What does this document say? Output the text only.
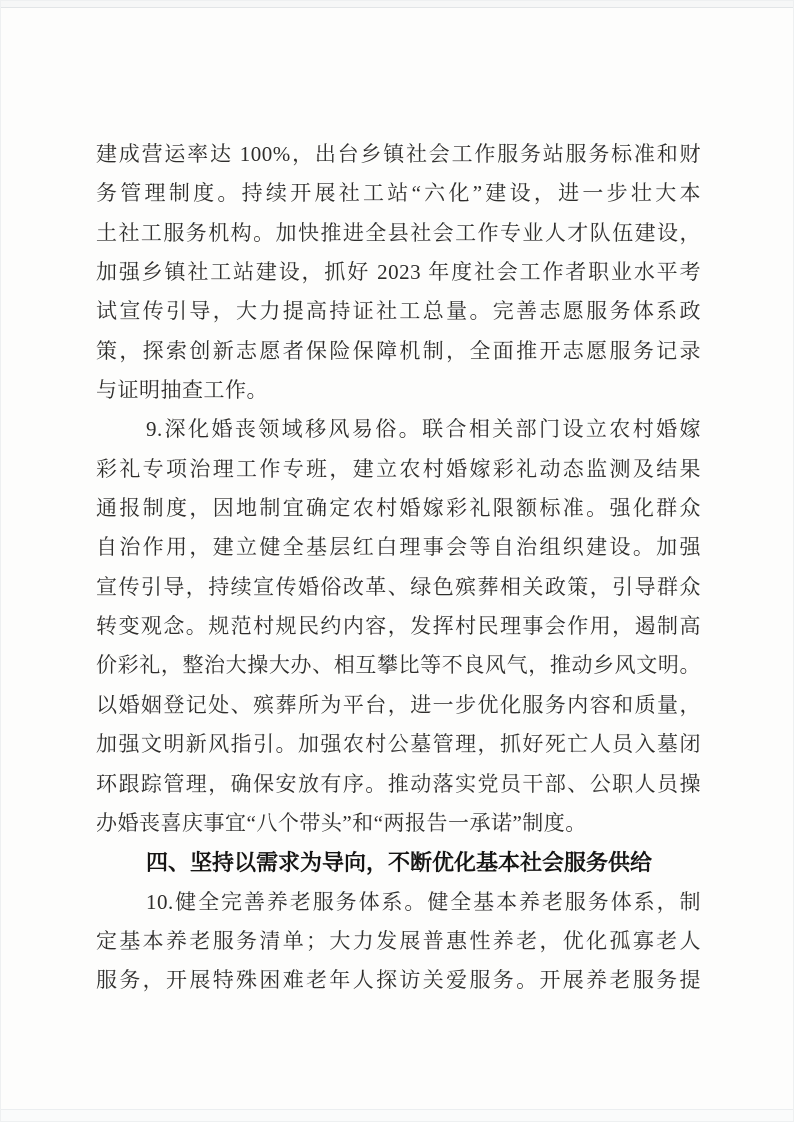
建成营运率达 100%，出台乡镇社会工作服务站服务标准和财
务管理制度。持续开展社工站“六化”建设，进一步壮大本
土社工服务机构。加快推进全县社会工作专业人才队伍建设，
加强乡镇社工站建设，抓好 2023 年度社会工作者职业水平考
试宣传引导，大力提高持证社工总量。完善志愿服务体系政
策，探索创新志愿者保险保障机制，全面推开志愿服务记录
与证明抽查工作。
9.深化婚丧领域移风易俗。联合相关部门设立农村婚嫁
彩礼专项治理工作专班，建立农村婚嫁彩礼动态监测及结果
通报制度，因地制宜确定农村婚嫁彩礼限额标准。强化群众
自治作用，建立健全基层红白理事会等自治组织建设。加强
宣传引导，持续宣传婚俗改革、绿色殡葬相关政策，引导群众
转变观念。规范村规民约内容，发挥村民理事会作用，遏制高
价彩礼，整治大操大办、相互攀比等不良风气，推动乡风文明。
以婚姻登记处、殡葬所为平台，进一步优化服务内容和质量，
加强文明新风指引。加强农村公墓管理，抓好死亡人员入墓闭
环跟踪管理，确保安放有序。推动落实党员干部、公职人员操
办婚丧喜庆事宜“八个带头”和“两报告一承诺”制度。
四、坚持以需求为导向，不断优化基本社会服务供给
10.健全完善养老服务体系。健全基本养老服务体系，制
定基本养老服务清单；大力发展普惠性养老，优化孤寡老人
服务，开展特殊困难老年人探访关爱服务。开展养老服务提
